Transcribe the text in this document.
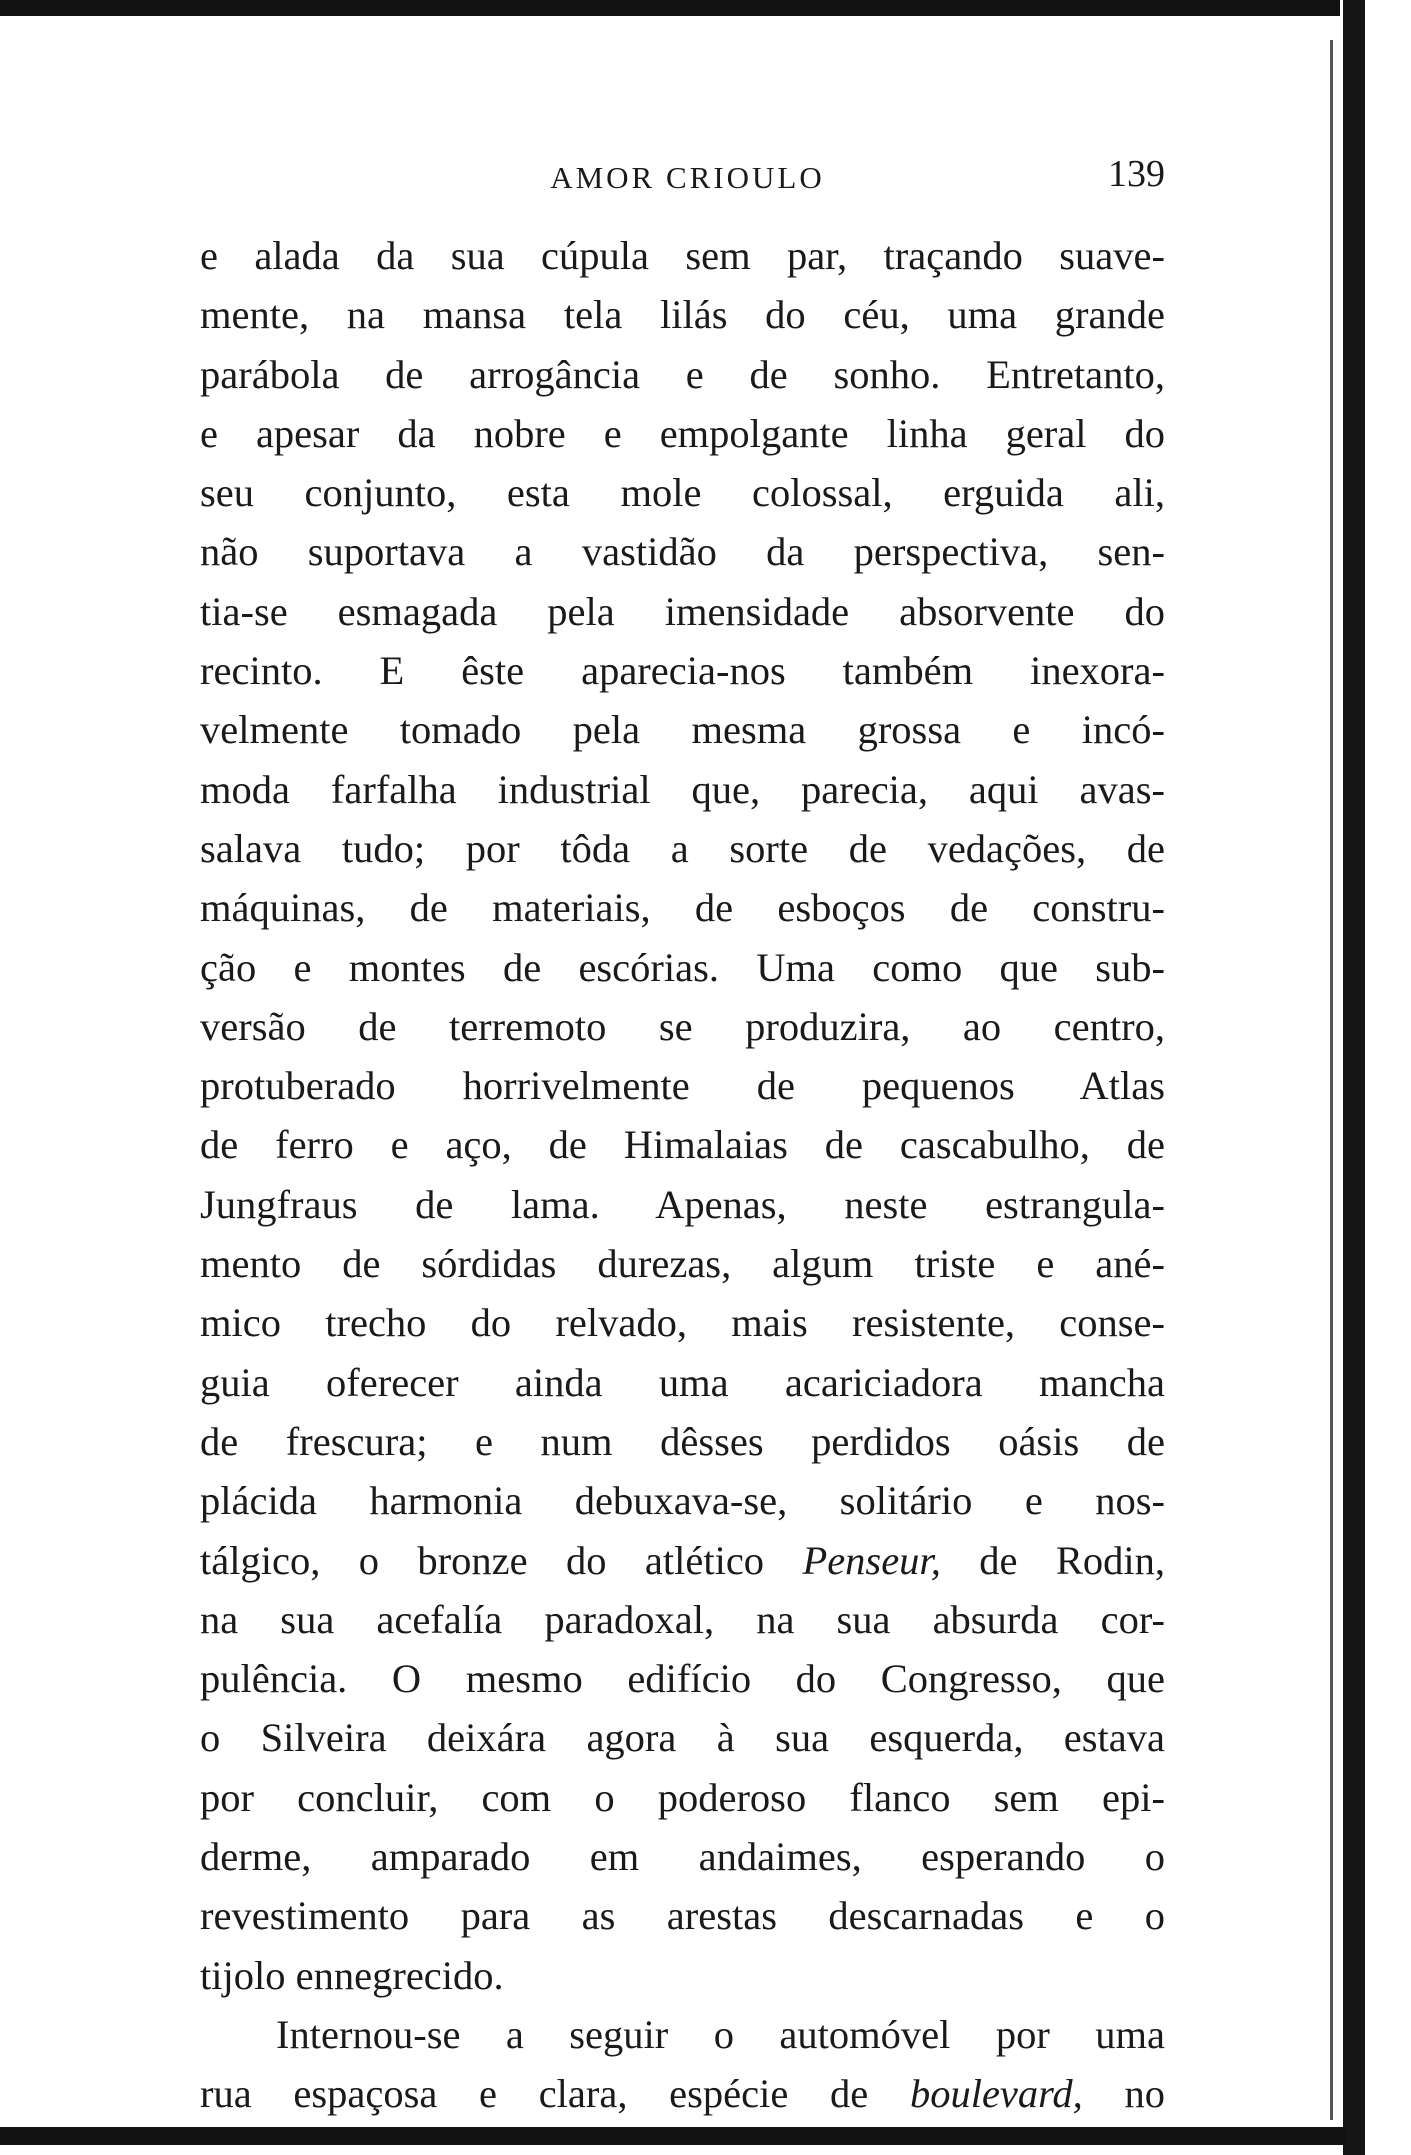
AMOR CRIOULO	139
e alada da sua cúpula sem par, traçando suave-
mente, na mansa tela lilás do céu, uma grande
parábola de arrogância e de sonho. Entretanto,
e apesar da nobre e empolgante linha geral do
seu conjunto, esta mole colossal, erguida ali,
não suportava a vastidão da perspectiva, sen-
tia-se esmagada pela imensidade absorvente do
recinto. E êste aparecia-nos também inexora-
velmente tomado pela mesma grossa e incó-
moda farfalha industrial que, parecia, aqui avas-
salava tudo; por tôda a sorte de vedações, de
máquinas, de materiais, de esboços de constru-
ção e montes de escórias. Uma como que sub-
versão de terremoto se produzira, ao centro,
protuberado horrivelmente de pequenos Atlas
de ferro e aço, de Himalaias de cascabulho, de
Jungfraus de lama. Apenas, neste estrangula-
mento de sórdidas durezas, algum triste e ané-
mico trecho do relvado, mais resistente, conse-
guia oferecer ainda uma acariciadora mancha
de frescura; e num dêsses perdidos oásis de
plácida harmonia debuxava-se, solitário e nos-
tálgico, o bronze do atlético Penseur, de Rodin,
na sua acefalía paradoxal, na sua absurda cor-
pulência. O mesmo edifício do Congresso, que
o Silveira deixára agora à sua esquerda, estava
por concluir, com o poderoso flanco sem epi-
derme, amparado em andaimes, esperando o
revestimento para as arestas descarnadas e o
tijolo ennegrecido.
Internou-se a seguir o automóvel por uma
rua espaçosa e clara, espécie de boulevard, no
